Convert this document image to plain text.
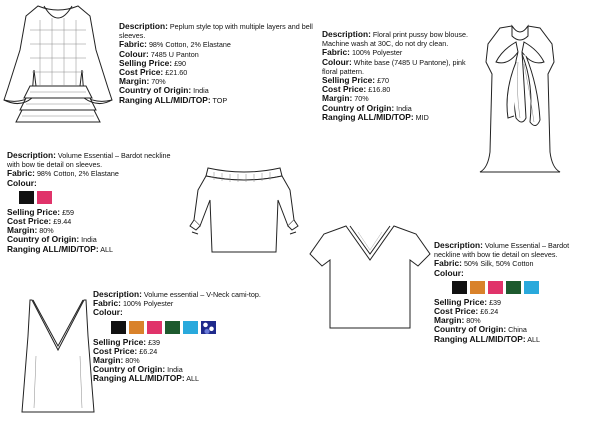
Description: Peplum style top with multiple layers and bell sleeves.
Fabric: 98% Cotton, 2% Elastane
Colour: 7485 U Panton
Selling Price: £90
Cost Price: £21.60
Margin: 70%
Country of Origin: India
Ranging ALL/MID/TOP: TOP
Description: Floral print pussy bow blouse. Machine wash at 30C, do not dry clean.
Fabric: 100% Polyester
Colour: White base (7485 U Pantone), pink floral pattern.
Selling Price: £70
Cost Price: £16.80
Margin: 70%
Country of Origin: India
Ranging ALL/MID/TOP: MID
Description: Volume Essential – Bardot neckline with bow tie detail on sleeves.
Fabric: 98% Cotton, 2% Elastane
Colour:
Selling Price: £59
Cost Price: £9.44
Margin: 80%
Country of Origin: India
Ranging ALL/MID/TOP: ALL	Description: Volume Essential – Bardot neckline with bow tie detail on sleeves.
Fabric: 50% Silk, 50% Cotton
Colour:
Selling Price: £39
Cost Price: £6.24
Margin: 80%
Country of Origin: China
Ranging ALL/MID/TOP: ALL
Description: Volume essential – V-Neck cami-top.
Fabric: 100% Polyester
Colour:
Selling Price: £39
Cost Price: £6.24
Margin: 80%
Country of Origin: India
Ranging ALL/MID/TOP: ALL
